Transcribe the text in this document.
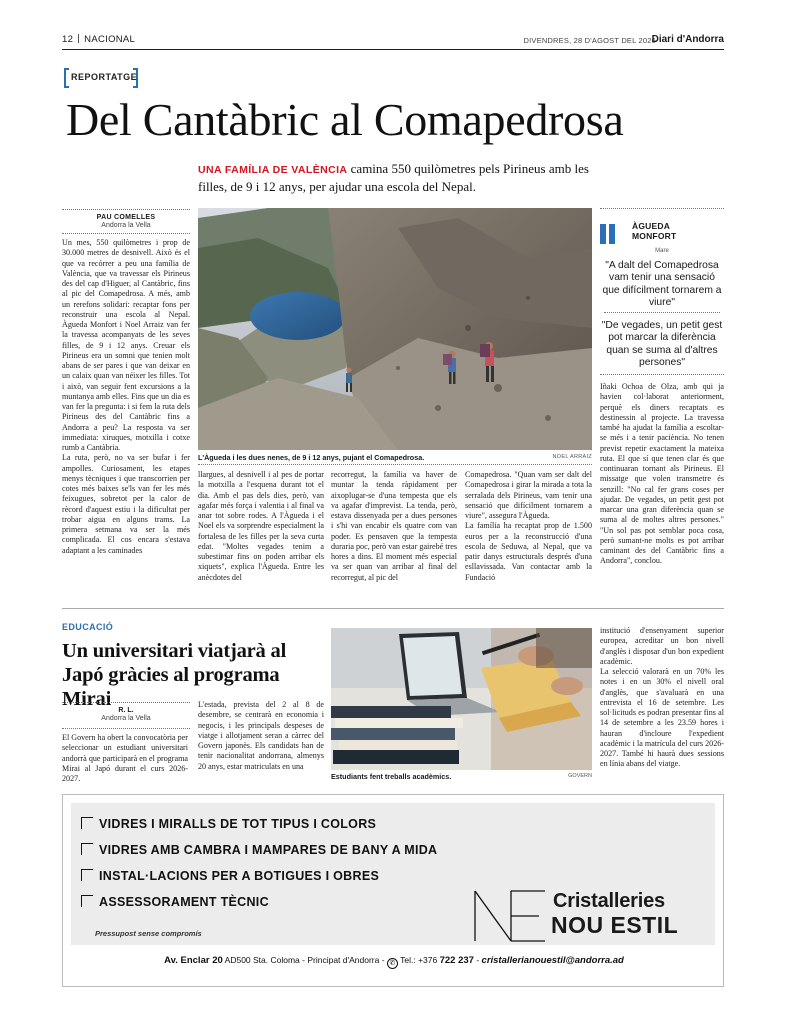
12 NACIONAL	DIVENDRES, 28 D'AGOST DEL 2026
Diari d'Andorra
REPORTATGE
Del Cantàbric al Comapedrosa
UNA FAMÍLIA DE VALÈNCIA camina 550 quilòmetres pels Pirineus amb les filles, de 9 i 12 anys, per ajudar una escola del Nepal.
PAU COMELLES
Andorra la Vella
Un mes, 550 quilòmetres i prop de 30.000 metres de desnivell. Això és el que va recórrer a peu una família de València, que va travessar els Pirineus des del cap d'Higuer, al Cantàbric, fins al pic del Comapedrosa. A més, amb un rerefons solidari: recaptar fons per reconstruir una escola al Nepal. Àgueda Monfort i Noel Arraiz van fer la travessa acompanyats de les seves filles, de 9 i 12 anys. Creuar els Pirineus era un somni que tenien molt abans de ser pares i que van deixar en un calaix quan van néixer les filles. Tot i això, van seguir fent excursions a la muntanya amb elles. Fins que un dia es van fer la pregunta: i si fem la ruta dels Pirineus des del Cantàbric fins a Andorra a peu? La resposta va ser immediata: xiruques, motxilla i cotxe rumb a Cantàbria.
La ruta, però, no va ser bufar i fer ampolles. Curiosament, les etapes menys tècniques i que transcorrien per cotes més baixes se'ls van fer les més feixugues, sobretot per la calor de rècord d'aquest estiu i la dificultat per trobar aigua en alguns trams. La primera setmana va ser la més complicada. El cos encara s'estava adaptant a les caminades
L'Àgueda i les dues nenes, de 9 i 12 anys, pujant el Comapedrosa.	NOEL ARRAIZ
llargues, al desnivell i al pes de portar la motxilla a l'esquena durant tot el dia. Amb el pas dels dies, però, van agafar més força i valentia i al final va anar tot sobre rodes. A l'Àgueda i el Noel els va sorprendre especialment la fortalesa de les filles per la seva curta edat. "Moltes vegades tenim a subestimar fins on poden arribar els xiquets", explica l'Àgueda. Entre les anècdotes del
recorregut, la família va haver de muntar la tenda ràpidament per aixoplugar-se d'una tempesta que els va agafar d'imprevist. La tenda, però, estava dissenyada per a dues persones i s'hi van encabir els quatre com van poder. Es pensaven que la tempesta duraria poc, però van estar gairebé tres hores a dins. El moment més especial va ser quan van arribar al final del recorregut, al pic del
Comapedrosa. "Quan vam ser dalt del Comapedrosa i girar la mirada a tota la serralada dels Pirineus, vam tenir una sensació que difícilment tornarem a viure", assegura l'Àgueda.
La família ha recaptat prop de 1.500 euros per a la reconstrucció d'una escola de Seduwa, al Nepal, que va patir danys estructurals després d'una esllavissada. Van contactar amb la Fundació
ÀGUEDA
MONFORT
Mare
"A dalt del Comapedrosa vam tenir una sensació que difícilment tornarem a viure"
"De vegades, un petit gest pot marcar la diferència quan se suma al d'altres persones"
Iñaki Ochoa de Olza, amb qui ja havien col·laborat anteriorment, perquè els diners recaptats es destinessin al projecte. La travessa també ha ajudat la família a escoltar-se més i a tenir paciència. No tenen previst repetir exactament la mateixa ruta. El que sí que tenen clar és que continuaran tornant als Pirineus. El missatge que volen transmetre és senzill: "No cal fer grans coses per ajudar. De vegades, un petit gest pot marcar una gran diferència quan se suma al de moltes altres persones." "Un sol pas pot semblar poca cosa, però sumant-ne molts es pot arribar caminant des del Cantàbric fins a Andorra", conclou.
EDUCACIÓ
Un universitari viatjarà al Japó gràcies al programa Mirai
R. L.
Andorra la Vella
El Govern ha obert la convocatòria per seleccionar un estudiant universitari andorrà que participarà en el programa Mirai al Japó durant el curs 2026-2027.
L'estada, prevista del 2 al 8 de desembre, se centrarà en economia i negocis, i les principals despeses de viatge i allotjament seran a càrrec del Govern japonès. Els candidats han de tenir nacionalitat andorrana, almenys 20 anys, estar matriculats en una
Estudiants fent treballs acadèmics.	GOVERN
institució d'ensenyament superior europea, acreditar un bon nivell d'anglès i disposar d'un bon expedient acadèmic.
La selecció valorarà en un 70% les notes i en un 30% el nivell oral d'anglès, que s'avaluarà en una entrevista el 16 de setembre. Les sol·licituds es podran presentar fins al 14 de setembre a les 23.59 hores i hauran d'incloure l'expedient acadèmic i la matrícula del curs 2026-2027. També hi haurà dues sessions en línia abans del viatge.
VIDRES I MIRALLS DE TOT TIPUS I COLORS
VIDRES AMB CAMBRA I MAMPARES DE BANY A MIDA
INSTAL·LACIONS PER A BOTIGUES I OBRES
ASSESSORAMENT TÈCNIC
Pressupost sense compromís
Cristalleries
NOU ESTIL
Av. Enclar 20 AD500 Sta. Coloma - Principat d'Andorra - ✆ Tel.: +376 722 237 - cristallerianouestil@andorra.ad
